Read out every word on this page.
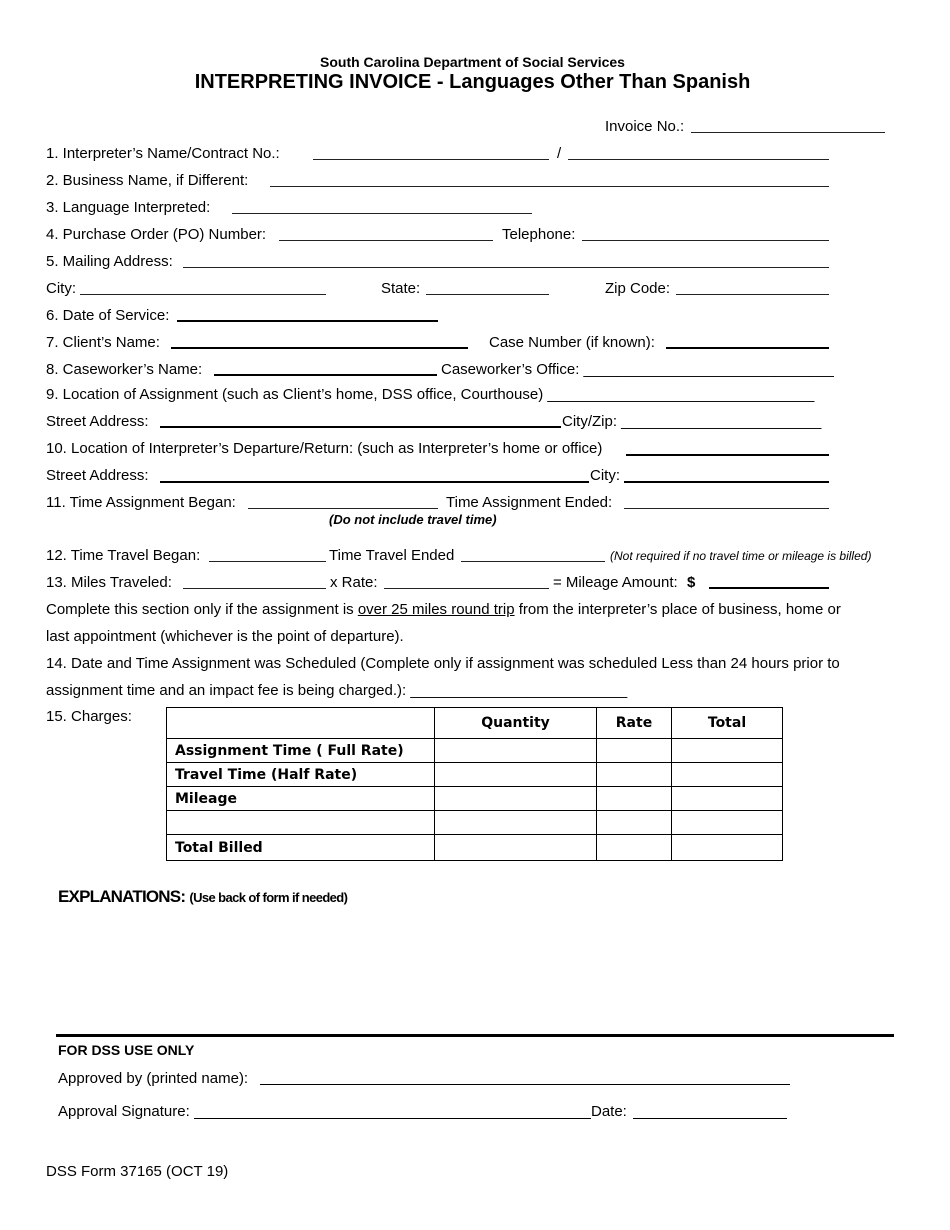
South Carolina Department of Social Services
INTERPRETING INVOICE - Languages Other Than Spanish
Invoice No.:
1. Interpreter’s Name/Contract No.:	/
2. Business Name, if Different:
3. Language Interpreted:
4. Purchase Order (PO) Number:	Telephone:
5. Mailing Address:
City:	State:	Zip Code:
6. Date of Service:
7. Client’s Name:	Case Number (if known):
8. Caseworker’s Name:	Caseworker’s Office: ______________________________
9. Location of Assignment (such as Client’s home, DSS office, Courthouse) ________________________________
Street Address:	City/Zip: ________________________
10. Location of Interpreter’s Departure/Return: (such as Interpreter’s home or office)
Street Address:	City:
11. Time Assignment Began:	Time Assignment Ended:
(Do not include travel time)
12. Time Travel Began:	Time Travel Ended	(Not required if no travel time or mileage is billed)
13. Miles Traveled:	x Rate:	= Mileage Amount: $
Complete this section only if the assignment is over 25 miles round trip from the interpreter’s place of business, home or
last appointment (whichever is the point of departure).
14. Date and Time Assignment was Scheduled (Complete only if assignment was scheduled Less than 24 hours prior to
assignment time and an impact fee is being charged.): __________________________
15. Charges:
		Quantity	Rate	Total
Assignment Time ( Full Rate)			
Travel Time (Half Rate)			
Mileage			

Total Billed			
EXPLANATIONS: (Use back of form if needed)
FOR DSS USE ONLY
Approved by (printed name):
Approval Signature:	Date:
DSS Form 37165 (OCT 19)
